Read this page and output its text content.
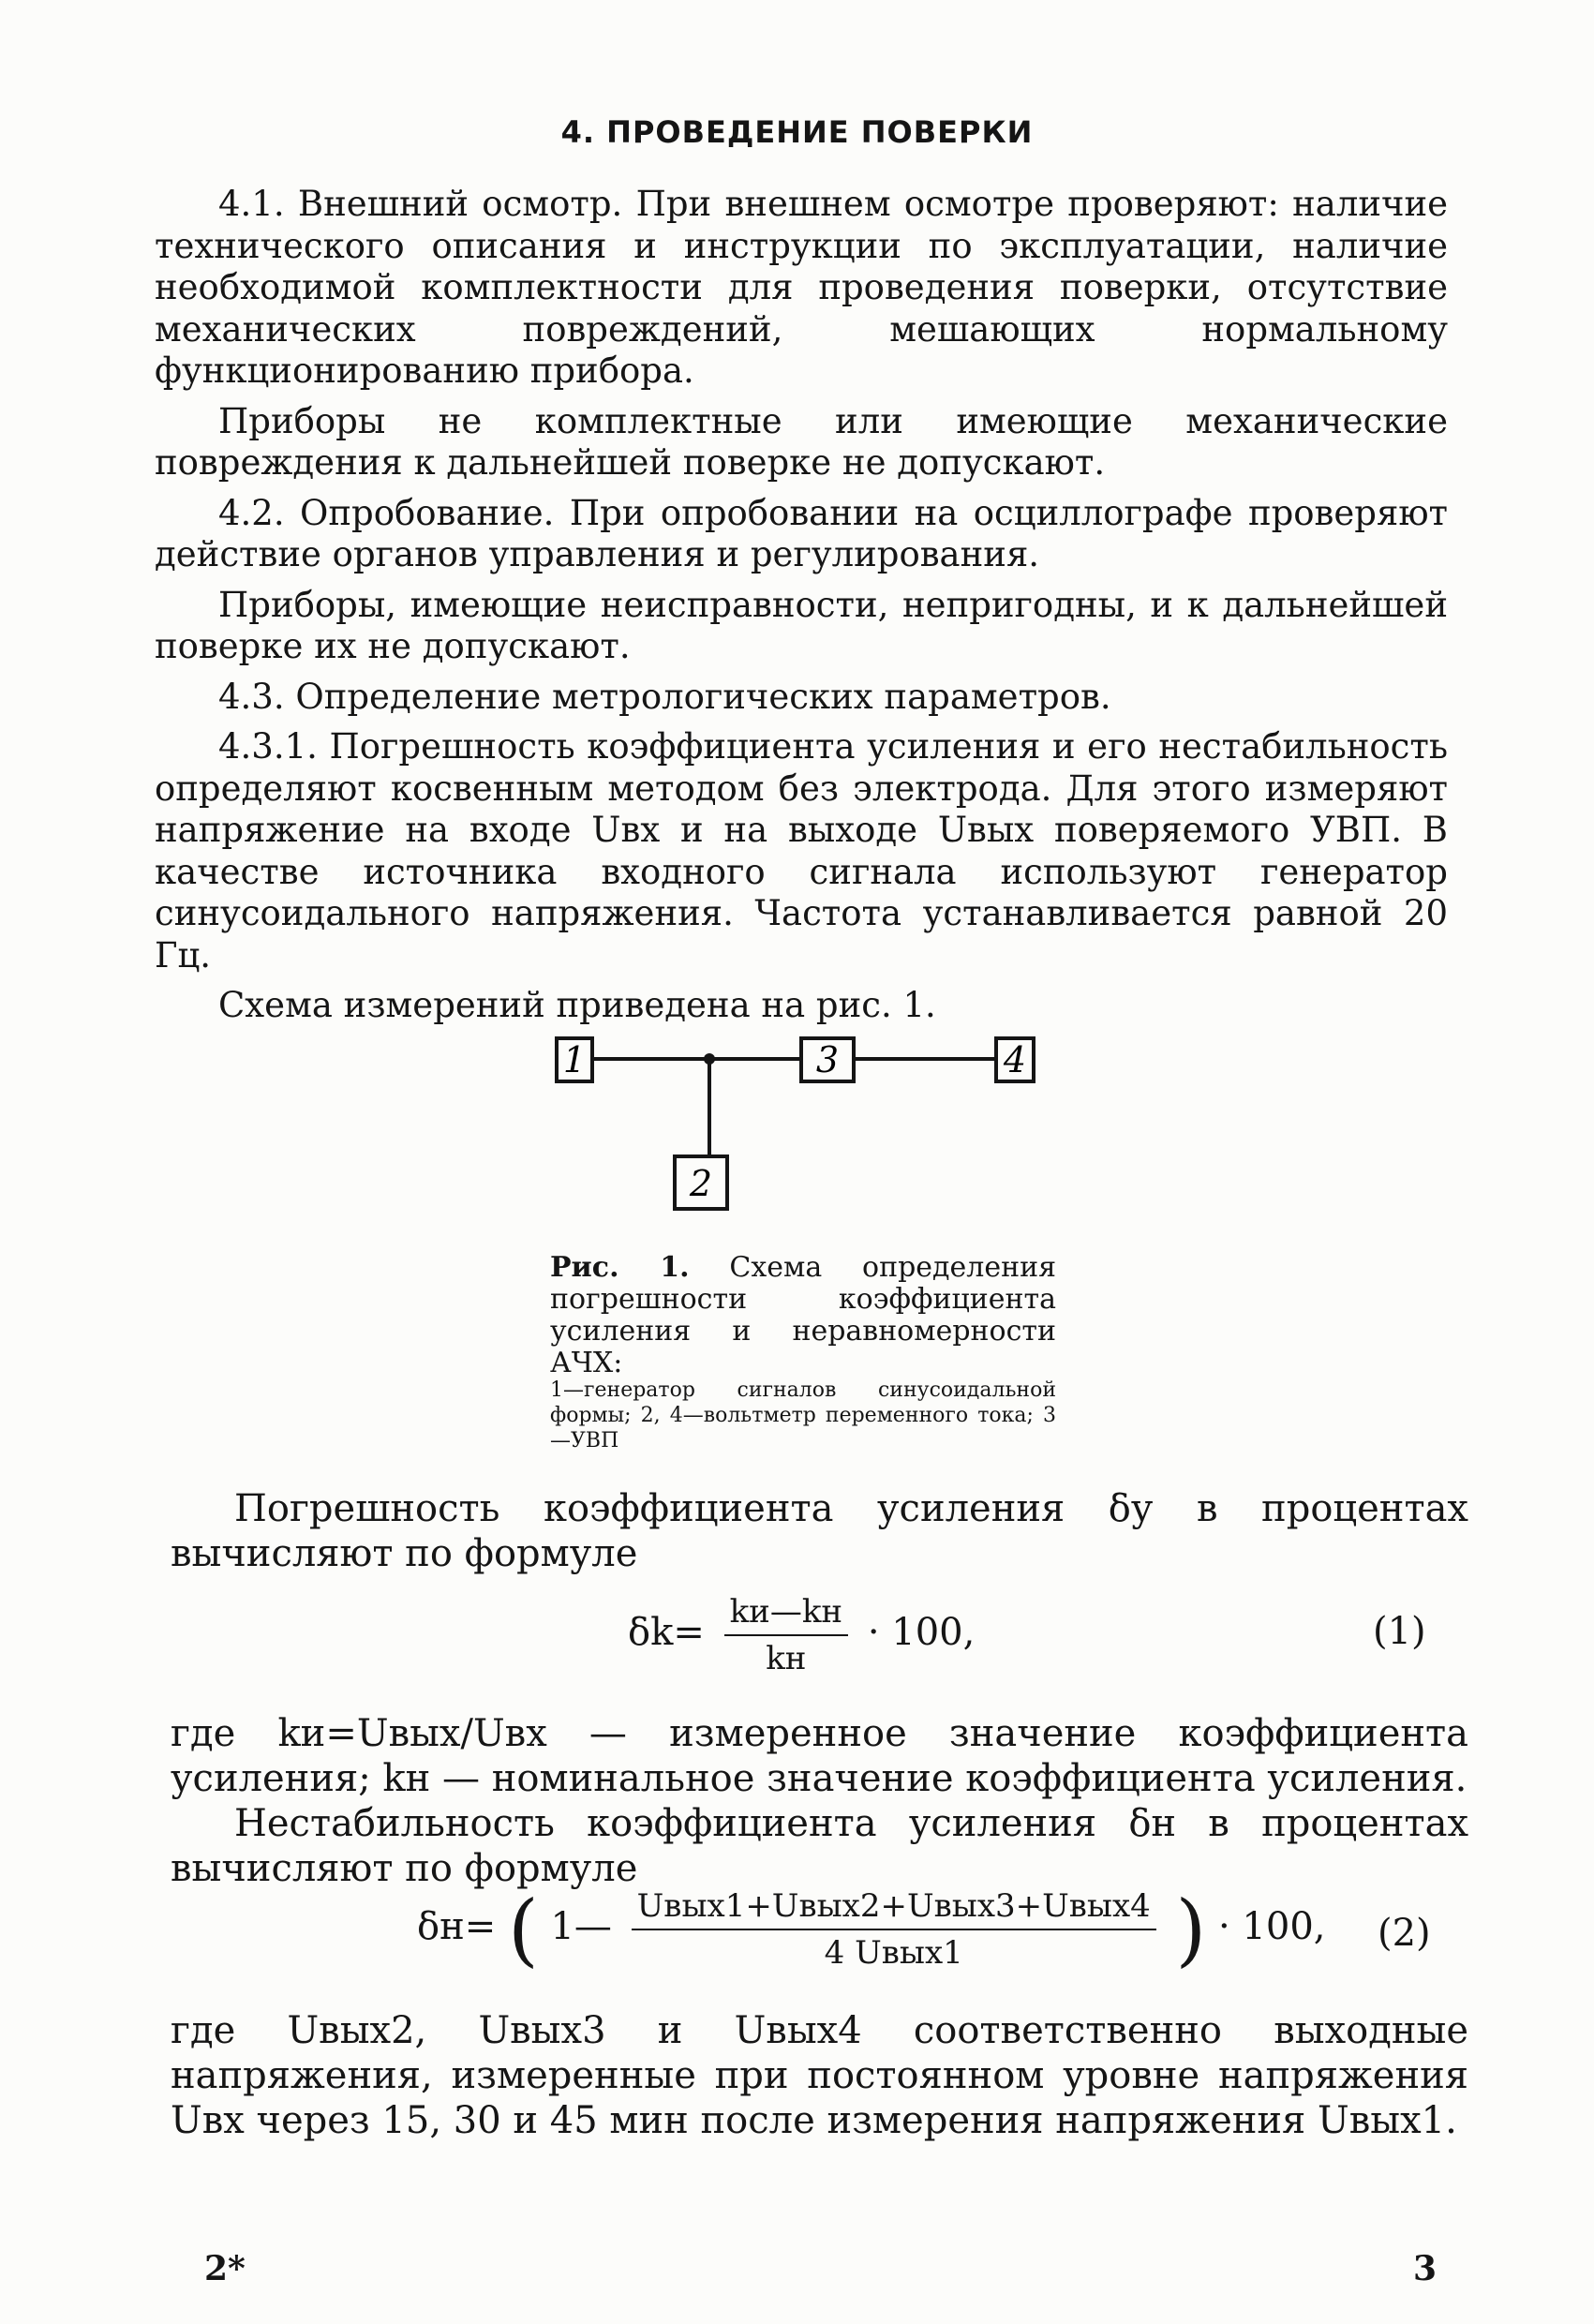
4. ПРОВЕДЕНИЕ ПОВЕРКИ

4.1. Внешний осмотр. При внешнем осмотре проверяют: наличие технического описания и инструкции по эксплуатации, наличие необходимой комплектности для проведения поверки, отсутствие механических повреждений, мешающих нормальному функционированию прибора.

Приборы не комплектные или имеющие механические повреждения к дальнейшей поверке не допускают.

4.2. Опробование. При опробовании на осциллографе проверяют действие органов управления и регулирования.

Приборы, имеющие неисправности, непригодны, и к дальнейшей поверке их не допускают.

4.3. Определение метрологических параметров.

4.3.1. Погрешность коэффициента усиления и его нестабильность определяют косвенным методом без электрода. Для этого измеряют напряжение на входе Uвх и на выходе Uвых поверяемого УВП. В качестве источника входного сигнала используют генератор синусоидального напряжения. Частота устанавливается равной 20 Гц.

Схема измерений приведена на рис. 1.

1
2
3	4

Рис. 1. Схема определения погрешности коэффициента усиления и неравномерности АЧХ:

1—генератор сигналов синусоидальной формы; 2, 4—вольтметр переменного тока; 3—УВП

Погрешность коэффициента усиления δу в процентах вычисляют по формуле

$\delta k= \frac{kи—kн}{kн} \cdot 100$,	(1)

где kи=Uвых/Uвх — измеренное значение коэффициента усиления; kн — номинальное значение коэффициента усиления.

Нестабильность коэффициента усиления δн в процентах вычисляют по формуле

δн= ( 1— $\frac{\text{Uвых1+Uвых2+Uвых3+Uвых4}}{\text{4 Uвых1}}$ ) · 100, (2)

где Uвых2, Uвых3 и Uвых4 соответственно выходные напряжения, измеренные при постоянном уровне напряжения Uвх через 15, 30 и 45 мин после измерения напряжения Uвых1.

2*	3
